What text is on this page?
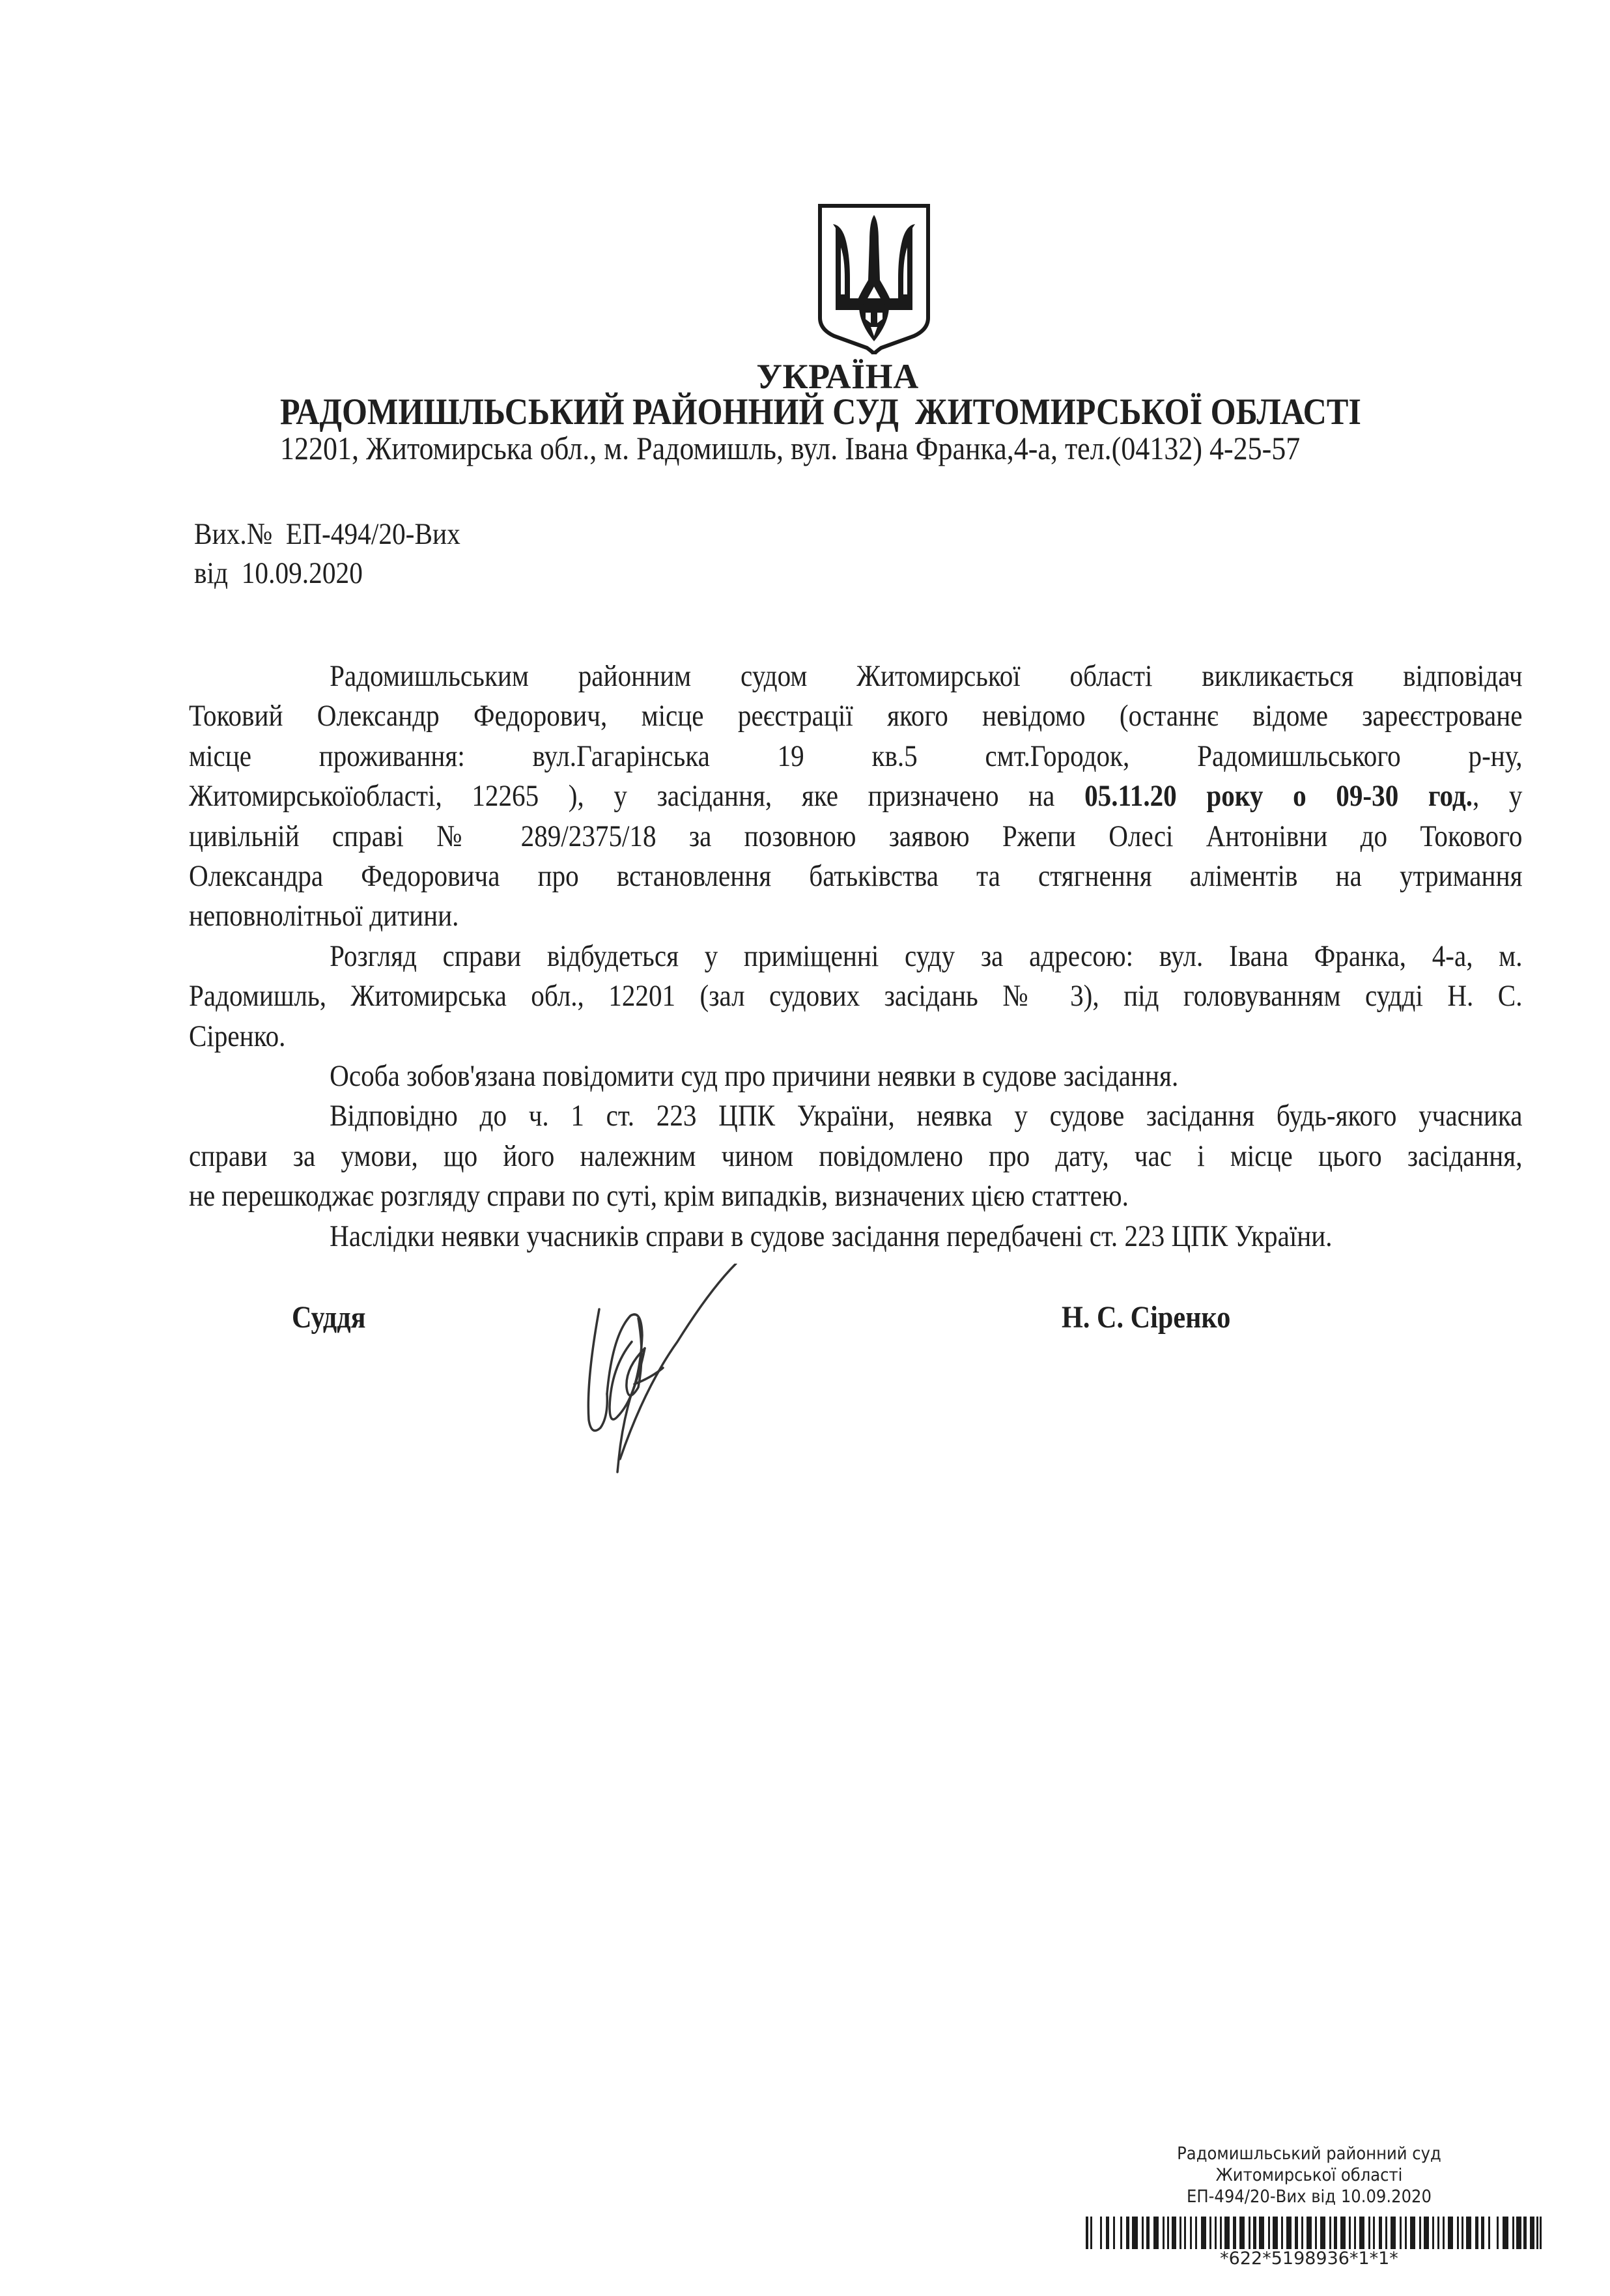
УКРАЇНА
РАДОМИШЛЬСЬКИЙ РАЙОННИЙ СУД  ЖИТОМИРСЬКОЇ ОБЛАСТІ
12201, Житомирська обл., м. Радомишль, вул. Івана Франка,4-а, тел.(04132) 4-25-57
Вих.№ ЕП-494/20-Вих
від 10.09.2020
Радомишльським районним судом Житомирської області викликається відповідач
Токовий Олександр Федорович, місце реєстрації якого невідомо (останнє відоме зареєстроване
місце проживання: вул.Гагарінська 19 кв.5 смт.Городок, Радомишльського р-ну,
Житомирськоїобласті, 12265 ), у засідання, яке призначено на 05.11.20 року о 09-30 год., у
цивільній справі № 289/2375/18 за позовною заявою Ржепи Олесі Антонівни до Токового
Олександра Федоровича про встановлення батьківства та стягнення аліментів на утримання
неповнолітньої дитини.
Розгляд справи відбудеться у приміщенні суду за адресою: вул. Івана Франка, 4-а, м.
Радомишль, Житомирська обл., 12201 (зал судових засідань № 3), під головуванням судді Н. С.
Сіренко.
Особа зобов'язана повідомити суд про причини неявки в судове засідання.
Відповідно до ч. 1 ст. 223 ЦПК України, неявка у судове засідання будь-якого учасника
справи за умови, що його належним чином повідомлено про дату, час і місце цього засідання,
не перешкоджає розгляду справи по суті, крім випадків, визначених цією статтею.
Наслідки неявки учасників справи в судове засідання передбачені ст. 223 ЦПК України.
Суддя	Н. С. Сіренко
Радомишльський районний суд
Житомирської області
ЕП-494/20-Вих від 10.09.2020
*622*5198936*1*1*
